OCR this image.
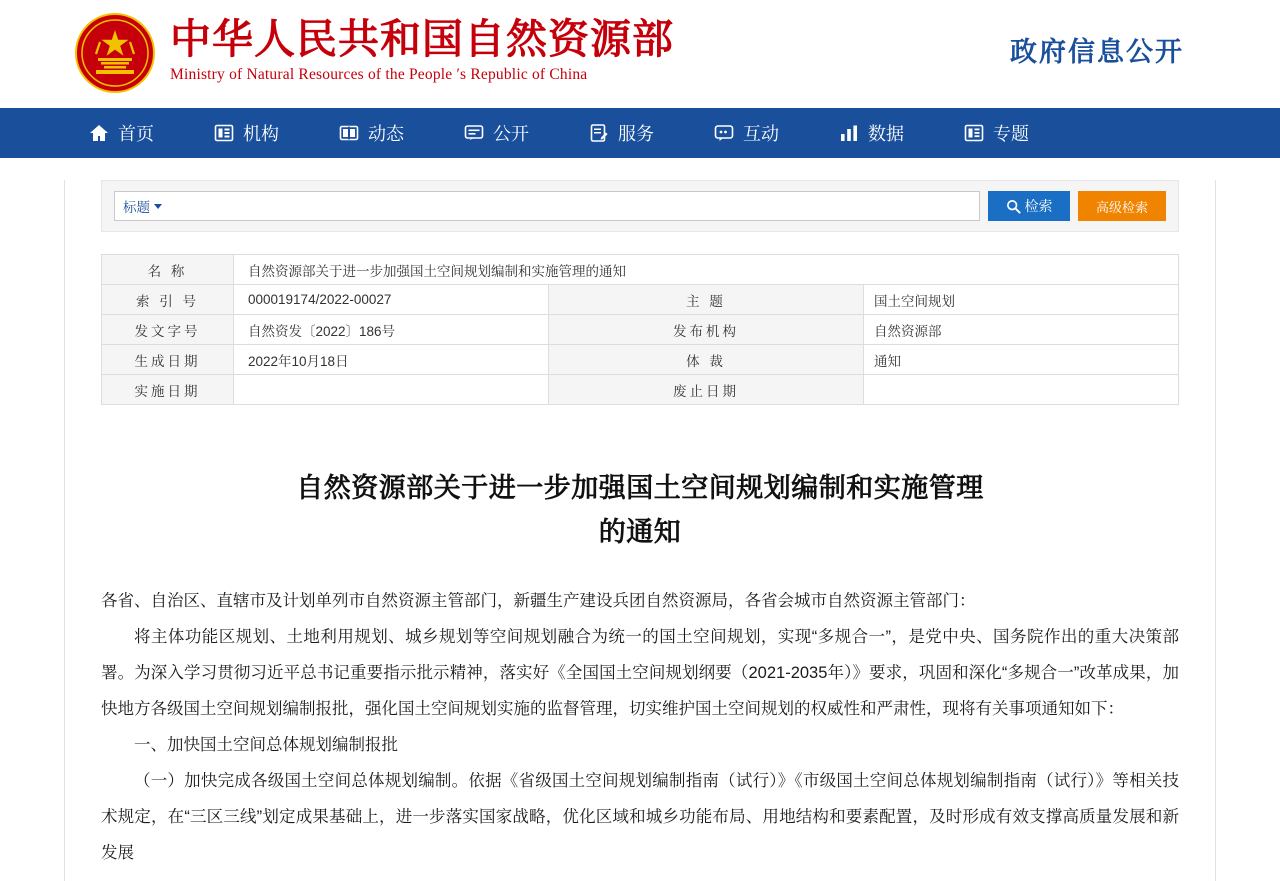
中华人民共和国自然资源部
Ministry of Natural Resources of the People ′s Republic of China
政府信息公开
首页	机构	动态	公开	服务	互动	数据	专题
标题	检索	高级检索
名 称	自然资源部关于进一步加强国土空间规划编制和实施管理的通知		
索 引 号	000019174/2022-00027	主 题	国土空间规划
发文字号	自然资发〔2022〕186号	发布机构	自然资源部
生成日期	2022年10月18日	体 裁	通知
实施日期		废止日期	
自然资源部关于进一步加强国土空间规划编制和实施管理
的通知

各省、自治区、直辖市及计划单列市自然资源主管部门，新疆生产建设兵团自然资源局，各省会城市自然资源主管部门：

将主体功能区规划、土地利用规划、城乡规划等空间规划融合为统一的国土空间规划，实现“多规合一”，是党中央、国务院作出的重大决策部署。为深入学习贯彻习近平总书记重要指示批示精神，落实好《全国国土空间规划纲要（2021-2035年）》要求，巩固和深化“多规合一”改革成果，加快地方各级国土空间规划编制报批，强化国土空间规划实施的监督管理，切实维护国土空间规划的权威性和严肃性，现将有关事项通知如下：

一、加快国土空间总体规划编制报批

（一）加快完成各级国土空间总体规划编制。依据《省级国土空间规划编制指南（试行）》《市级国土空间总体规划编制指南（试行）》等相关技术规定，在“三区三线”划定成果基础上，进一步落实国家战略，优化区域和城乡功能布局、用地结构和要素配置，及时形成有效支撑高质量发展和新发展
